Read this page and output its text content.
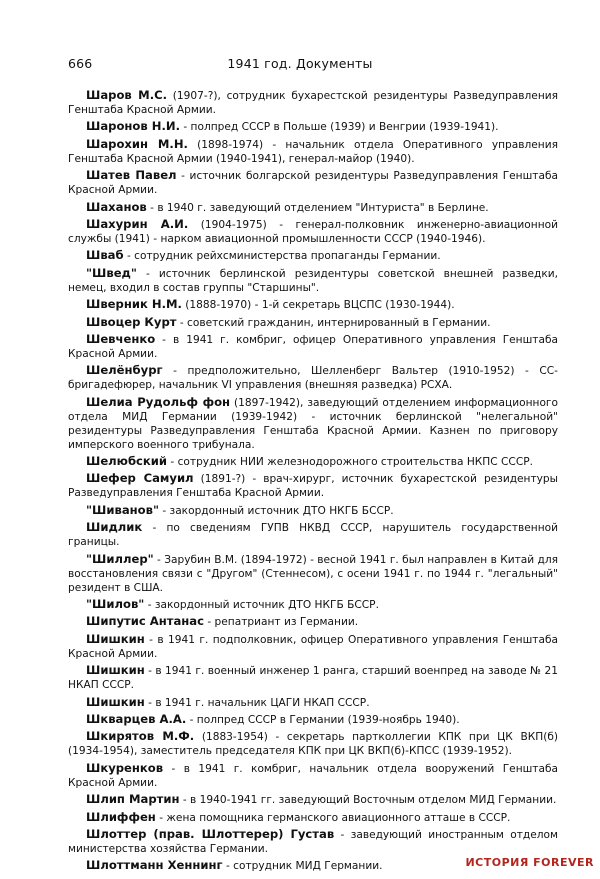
666	1941 год. Документы

Шаров М.С. (1907-?), сотрудник бухарестской резидентуры Разведуправления Генштаба Красной Армии.

Шаронов Н.И. - полпред СССР в Польше (1939) и Венгрии (1939-1941).

Шарохин М.Н. (1898-1974) - начальник отдела Оперативного управления Генштаба Красной Армии (1940-1941), генерал-майор (1940).

Шатев Павел - источник болгарской резидентуры Разведуправления Генштаба Красной Армии.

Шаханов - в 1940 г. заведующий отделением "Интуриста" в Берлине.

Шахурин А.И. (1904-1975) - генерал-полковник инженерно-авиационной службы (1941) - нарком авиационной промышленности СССР (1940-1946).

Шваб - сотрудник рейхсминистерства пропаганды Германии.

"Швед" - источник берлинской резидентуры советской внешней разведки, немец, входил в состав группы "Старшины".

Шверник Н.М. (1888-1970) - 1-й секретарь ВЦСПС (1930-1944).

Швоцер Курт - советский гражданин, интернированный в Германии.

Шевченко - в 1941 г. комбриг, офицер Оперативного управления Генштаба Красной Армии.

Шелёнбург - предположительно, Шелленберг Вальтер (1910-1952) - СС-бригадефюрер, начальник VI управления (внешняя разведка) РСХА.

Шелиа Рудольф фон (1897-1942), заведующий отделением информационного отдела МИД Германии (1939-1942) - источник берлинской "нелегальной" резидентуры Разведуправления Генштаба Красной Армии. Казнен по приговору имперского военного трибунала.

Шелюбский - сотрудник НИИ железнодорожного строительства НКПС СССР.

Шефер Самуил (1891-?) - врач-хирург, источник бухарестской резидентуры Разведуправления Генштаба Красной Армии.

"Шиванов" - закордонный источник ДТО НКГБ БССР.

Шидлик - по сведениям ГУПВ НКВД СССР, нарушитель государственной границы.

"Шиллер" - Зарубин В.М. (1894-1972) - весной 1941 г. был направлен в Китай для восстановления связи с "Другом" (Стеннесом), с осени 1941 г. по 1944 г. "легальный" резидент в США.

"Шилов" - закордонный источник ДТО НКГБ БССР.

Шипутис Антанас - репатриант из Германии.

Шишкин - в 1941 г. подполковник, офицер Оперативного управления Генштаба Красной Армии.

Шишкин - в 1941 г. военный инженер 1 ранга, старший военпред на заводе № 21 НКАП СССР.

Шишкин - в 1941 г. начальник ЦАГИ НКАП СССР.

Шкварцев А.А. - полпред СССР в Германии (1939-ноябрь 1940).

Шкирятов М.Ф. (1883-1954) - секретарь партколлегии КПК при ЦК ВКП(б) (1934-1954), заместитель председателя КПК при ЦК ВКП(б)-КПСС (1939-1952).

Шкуренков - в 1941 г. комбриг, начальник отдела вооружений Генштаба Красной Армии.

Шлип Мартин - в 1940-1941 гг. заведующий Восточным отделом МИД Германии.

Шлиффен - жена помощника германского авиационного атташе в СССР.

Шлоттер (прав. Шлоттерер) Густав - заведующий иностранным отделом министерства хозяйства Германии.

Шлоттманн Хеннинг - сотрудник МИД Германии.	ИСТОРИЯ FOREVER
